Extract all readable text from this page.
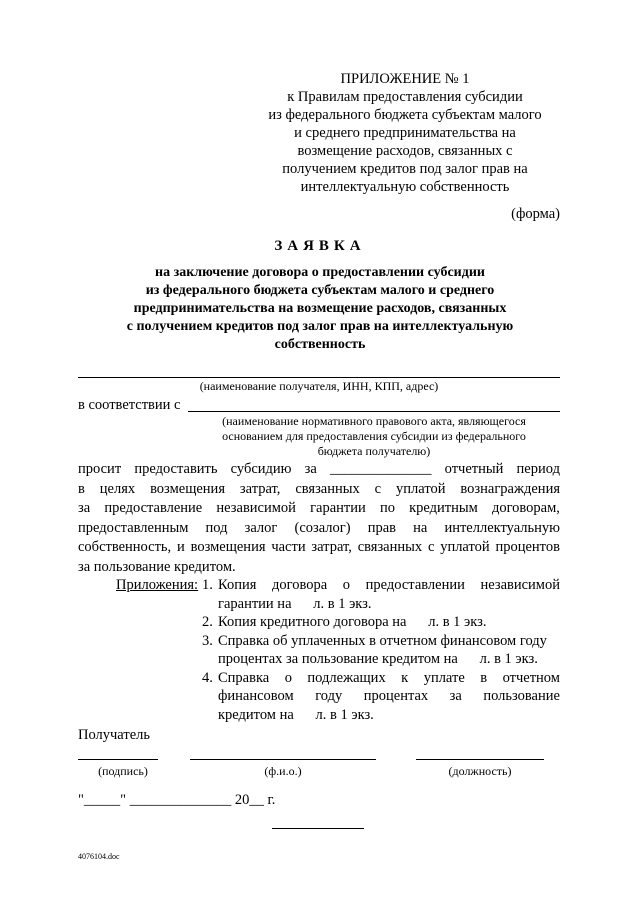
ПРИЛОЖЕНИЕ № 1
к Правилам предоставления субсидии
из федерального бюджета субъектам малого
и среднего предпринимательства на
возмещение расходов, связанных с
получением кредитов под залог прав на
интеллектуальную собственность
(форма)
ЗАЯВКА
на заключение договора о предоставлении субсидии
из федерального бюджета субъектам малого и среднего
предпринимательства на возмещение расходов, связанных
с получением кредитов под залог прав на интеллектуальную
собственность
(наименование получателя, ИНН, КПП, адрес)
в соответствии с
(наименование нормативного правового акта, являющегося
основанием для предоставления субсидии из федерального
бюджета получателю)
просит предоставить субсидию за ______________ отчетный период
в целях возмещения затрат, связанных с уплатой вознаграждения
за предоставление независимой гарантии по кредитным договорам,
предоставленным под залог (созалог) прав на интеллектуальную
собственность, и возмещения части затрат, связанных с уплатой процентов
за пользование кредитом.
Приложения: 1. Копия договора о предоставлении независимой
гарантии на      л. в 1 экз.
2. Копия кредитного договора на      л. в 1 экз.
3. Справка об уплаченных в отчетном финансовом году
процентах за пользование кредитом на      л. в 1 экз.
4. Справка о подлежащих к уплате в отчетном
финансовом году процентах за пользование
кредитом на      л. в 1 экз.
Получатель
(подпись)	(ф.и.о.)	(должность)
"_____" ______________ 20__ г.
4076104.doc
